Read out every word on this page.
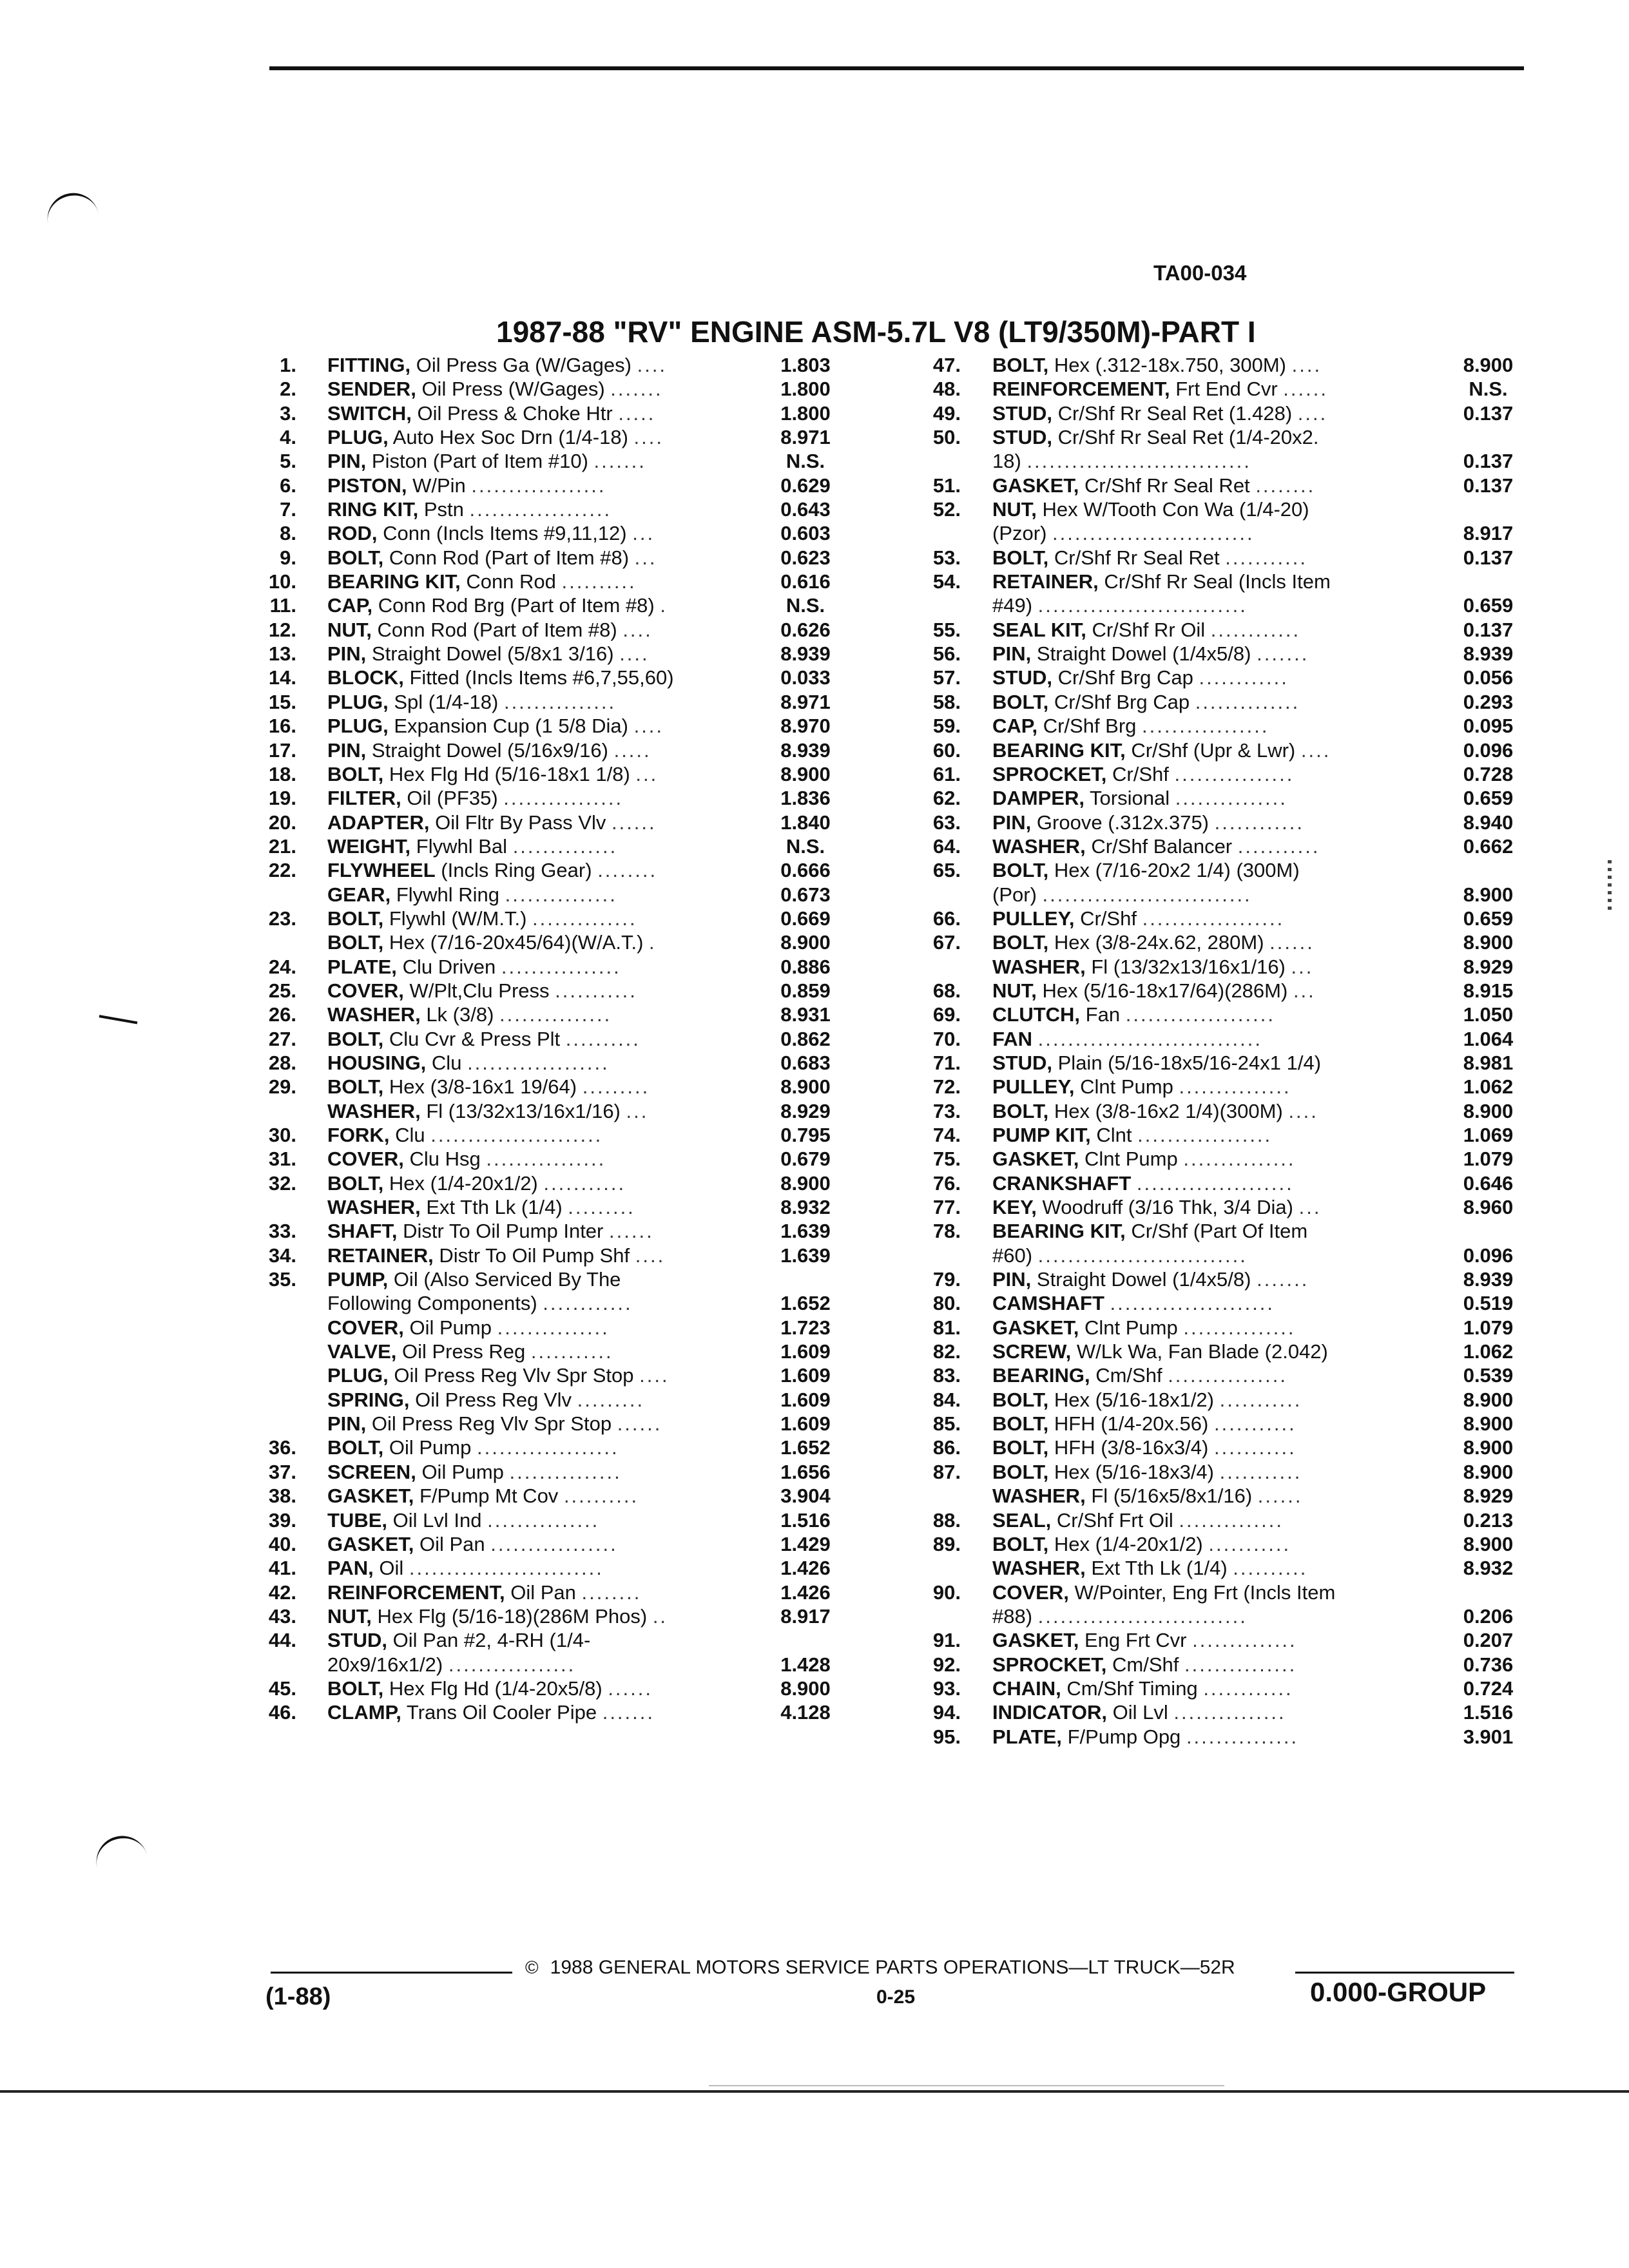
TA00-034
1987-88 "RV" ENGINE ASM-5.7L V8 (LT9/350M)-PART I
1. FITTING, Oil Press Ga (W/Gages) ....	1.803
2. SENDER, Oil Press (W/Gages) .......	1.800
3. SWITCH, Oil Press & Choke Htr .....	1.800
4. PLUG, Auto Hex Soc Drn (1/4-18) ....	8.971
5. PIN, Piston (Part of Item #10) .......	N.S.
6. PISTON, W/Pin ..................	0.629
7. RING KIT, Pstn ...................	0.643
8. ROD, Conn (Incls Items #9,11,12) ...	0.603
9. BOLT, Conn Rod (Part of Item #8) ...	0.623
10. BEARING KIT, Conn Rod ..........	0.616
11. CAP, Conn Rod Brg (Part of Item #8) .	N.S.
12. NUT, Conn Rod (Part of Item #8) ....	0.626
13. PIN, Straight Dowel (5/8x1 3/16) ....	8.939
14. BLOCK, Fitted (Incls Items #6,7,55,60)	0.033
15. PLUG, Spl (1/4-18) ...............	8.971
16. PLUG, Expansion Cup (1 5/8 Dia) ....	8.970
17. PIN, Straight Dowel (5/16x9/16) .....	8.939
18. BOLT, Hex Flg Hd (5/16-18x1 1/8) ...	8.900
19. FILTER, Oil (PF35) ................	1.836
20. ADAPTER, Oil Fltr By Pass Vlv ......	1.840
21. WEIGHT, Flywhl Bal ..............	N.S.
22. FLYWHEEL (Incls Ring Gear) ........	0.666
GEAR, Flywhl Ring ...............	0.673
23. BOLT, Flywhl (W/M.T.) ..............	0.669
BOLT, Hex (7/16-20x45/64)(W/A.T.) .	8.900
24. PLATE, Clu Driven ................	0.886
25. COVER, W/Plt,Clu Press ...........	0.859
26. WASHER, Lk (3/8) ...............	8.931
27. BOLT, Clu Cvr & Press Plt ..........	0.862
28. HOUSING, Clu ...................	0.683
29. BOLT, Hex (3/8-16x1 19/64) .........	8.900
WASHER, Fl (13/32x13/16x1/16) ...	8.929
30. FORK, Clu .......................	0.795
31. COVER, Clu Hsg ................	0.679
32. BOLT, Hex (1/4-20x1/2) ...........	8.900
WASHER, Ext Tth Lk (1/4) .........	8.932
33. SHAFT, Distr To Oil Pump Inter ......	1.639
34. RETAINER, Distr To Oil Pump Shf ....	1.639
35. PUMP, Oil (Also Serviced By The
Following Components) ............	1.652
COVER, Oil Pump ...............	1.723
VALVE, Oil Press Reg ...........	1.609
PLUG, Oil Press Reg Vlv Spr Stop ....	1.609
SPRING, Oil Press Reg Vlv .........	1.609
PIN, Oil Press Reg Vlv Spr Stop ......	1.609
36. BOLT, Oil Pump ...................	1.652
37. SCREEN, Oil Pump ...............	1.656
38. GASKET, F/Pump Mt Cov ..........	3.904
39. TUBE, Oil Lvl Ind ...............	1.516
40. GASKET, Oil Pan .................	1.429
41. PAN, Oil ..........................	1.426
42. REINFORCEMENT, Oil Pan ........	1.426
43. NUT, Hex Flg (5/16-18)(286M Phos) ..	8.917
44. STUD, Oil Pan #2, 4-RH (1/4-
20x9/16x1/2) .................	1.428
45. BOLT, Hex Flg Hd (1/4-20x5/8) ......	8.900
46. CLAMP, Trans Oil Cooler Pipe .......	4.128
47. BOLT, Hex (.312-18x.750, 300M) ....	8.900
48. REINFORCEMENT, Frt End Cvr ......	N.S.
49. STUD, Cr/Shf Rr Seal Ret (1.428) ....	0.137
50. STUD, Cr/Shf Rr Seal Ret (1/4-20x2.
18) ..............................	0.137
51. GASKET, Cr/Shf Rr Seal Ret ........	0.137
52. NUT, Hex W/Tooth Con Wa (1/4-20)
(Pzor) ...........................	8.917
53. BOLT, Cr/Shf Rr Seal Ret ...........	0.137
54. RETAINER, Cr/Shf Rr Seal (Incls Item
#49) ............................	0.659
55. SEAL KIT, Cr/Shf Rr Oil ............	0.137
56. PIN, Straight Dowel (1/4x5/8) .......	8.939
57. STUD, Cr/Shf Brg Cap ............	0.056
58. BOLT, Cr/Shf Brg Cap ..............	0.293
59. CAP, Cr/Shf Brg .................	0.095
60. BEARING KIT, Cr/Shf (Upr & Lwr) ....	0.096
61. SPROCKET, Cr/Shf ................	0.728
62. DAMPER, Torsional ...............	0.659
63. PIN, Groove (.312x.375) ............	8.940
64. WASHER, Cr/Shf Balancer ...........	0.662
65. BOLT, Hex (7/16-20x2 1/4) (300M)
(Por) ............................	8.900
66. PULLEY, Cr/Shf ...................	0.659
67. BOLT, Hex (3/8-24x.62, 280M) ......	8.900
WASHER, Fl (13/32x13/16x1/16) ...	8.929
68. NUT, Hex (5/16-18x17/64)(286M) ...	8.915
69. CLUTCH, Fan ....................	1.050
70. FAN ..............................	1.064
71. STUD, Plain (5/16-18x5/16-24x1 1/4)	8.981
72. PULLEY, Clnt Pump ...............	1.062
73. BOLT, Hex (3/8-16x2 1/4)(300M) ....	8.900
74. PUMP KIT, Clnt ..................	1.069
75. GASKET, Clnt Pump ...............	1.079
76. CRANKSHAFT .....................	0.646
77. KEY, Woodruff (3/16 Thk, 3/4 Dia) ...	8.960
78. BEARING KIT, Cr/Shf (Part Of Item
#60) ............................	0.096
79. PIN, Straight Dowel (1/4x5/8) .......	8.939
80. CAMSHAFT ......................	0.519
81. GASKET, Clnt Pump ...............	1.079
82. SCREW, W/Lk Wa, Fan Blade (2.042)	1.062
83. BEARING, Cm/Shf ................	0.539
84. BOLT, Hex (5/16-18x1/2) ...........	8.900
85. BOLT, HFH (1/4-20x.56) ...........	8.900
86. BOLT, HFH (3/8-16x3/4) ...........	8.900
87. BOLT, Hex (5/16-18x3/4) ...........	8.900
WASHER, Fl (5/16x5/8x1/16) ......	8.929
88. SEAL, Cr/Shf Frt Oil ..............	0.213
89. BOLT, Hex (1/4-20x1/2) ...........	8.900
WASHER, Ext Tth Lk (1/4) ..........	8.932
90. COVER, W/Pointer, Eng Frt (Incls Item
#88) ............................	0.206
91. GASKET, Eng Frt Cvr ..............	0.207
92. SPROCKET, Cm/Shf ...............	0.736
93. CHAIN, Cm/Shf Timing ............	0.724
94. INDICATOR, Oil Lvl ...............	1.516
95. PLATE, F/Pump Opg ...............	3.901
© 1988 GENERAL MOTORS SERVICE PARTS OPERATIONS—LT TRUCK—52R
(1-88)	0-25	0.000-GROUP
